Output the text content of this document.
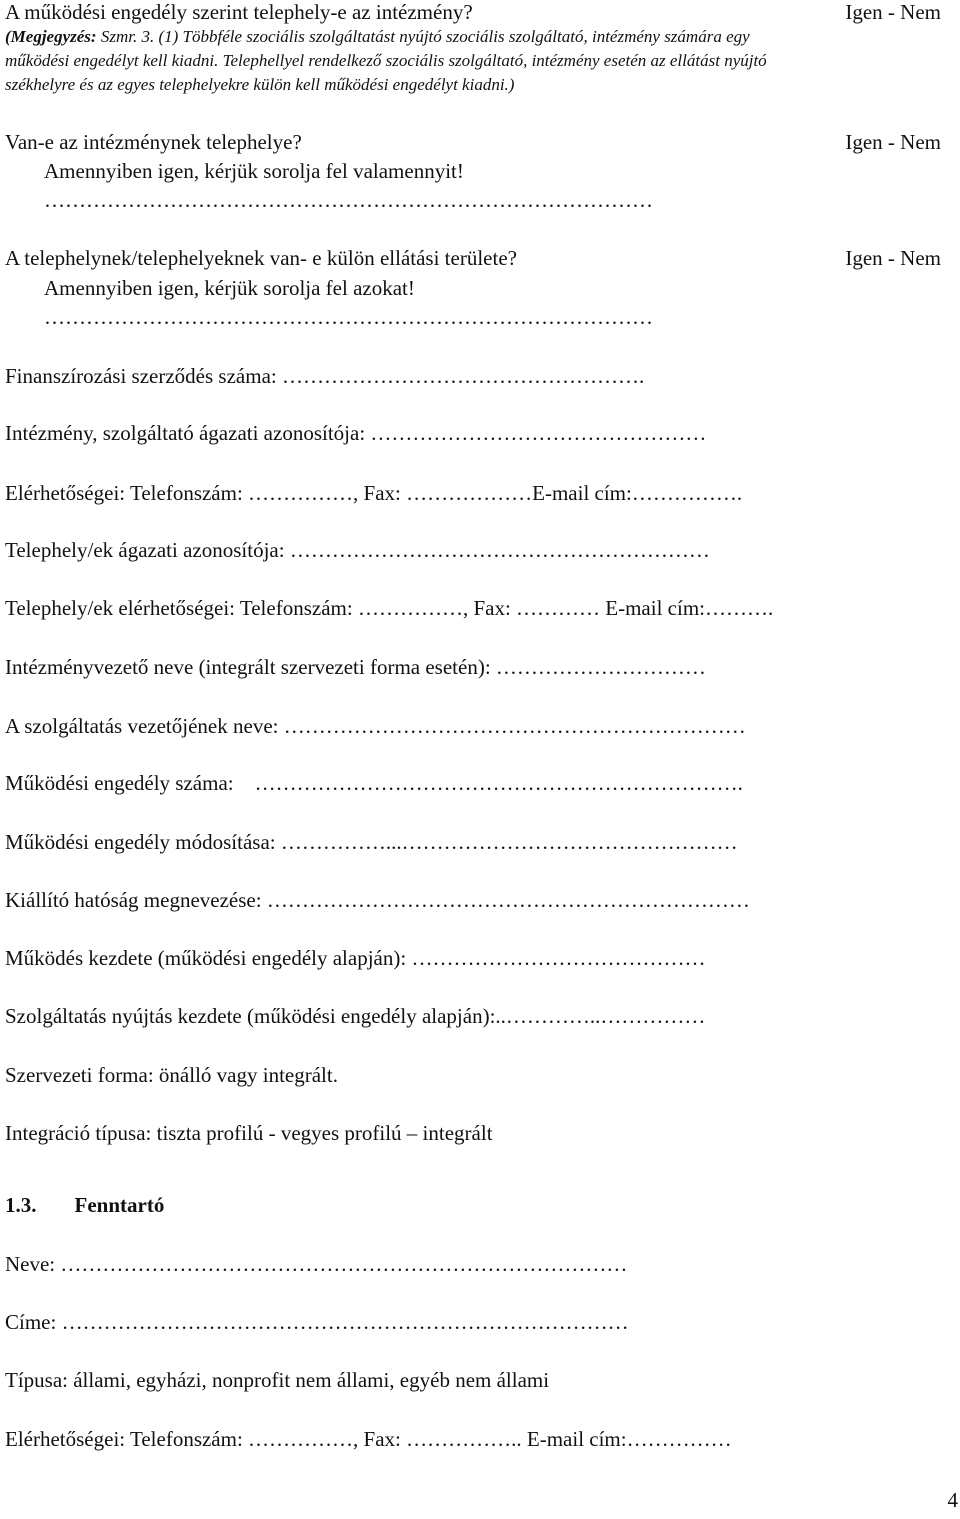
A működési engedély szerint telephely-e az intézmény?	Igen - Nem
(Megjegyzés: Szmr. 3. (1) Többféle szociális szolgáltatást nyújtó szociális szolgáltató, intézmény számára egy
működési engedélyt kell kiadni. Telephellyel rendelkező szociális szolgáltató, intézmény esetén az ellátást nyújtó
székhelyre és az egyes telephelyekre külön kell működési engedélyt kiadni.)
Van-e az intézménynek telephelye?	Igen - Nem
Amennyiben igen, kérjük sorolja fel valamennyit!
……………………………………………………………………………
A telephelynek/telephelyeknek van- e külön ellátási területe?	Igen - Nem
Amennyiben igen, kérjük sorolja fel azokat!
……………………………………………………………………………
Finanszírozási szerződés száma: …………………………………………….
Intézmény, szolgáltató ágazati azonosítója: …………………………………………
Elérhetőségei: Telefonszám: ……………, Fax: ………………E-mail cím:…………….
Telephely/ek ágazati azonosítója: ……………………………………………………
Telephely/ek elérhetőségei: Telefonszám: ……………, Fax: ………… E-mail cím:……….
Intézményvezető neve (integrált szervezeti forma esetén): …………………………
A szolgáltatás vezetőjének neve: …………………………………………………………
Működési engedély száma:    …………………………………………………………….
Működési engedély módosítása: ……………...…………………………………………
Kiállító hatóság megnevezése: ……………………………………………………………
Működés kezdete (működési engedély alapján): ……………………………………
Szolgáltatás nyújtás kezdete (működési engedély alapján):..…………..……………
Szervezeti forma: önálló vagy integrált.
Integráció típusa: tiszta profilú - vegyes profilú – integrált
1.3. Fenntartó
Neve: ………………………………………………………………………
Címe: ………………………………………………………………………
Típusa: állami, egyházi, nonprofit nem állami, egyéb nem állami
Elérhetőségei: Telefonszám: ……………, Fax: …………….. E-mail cím:……………
4
